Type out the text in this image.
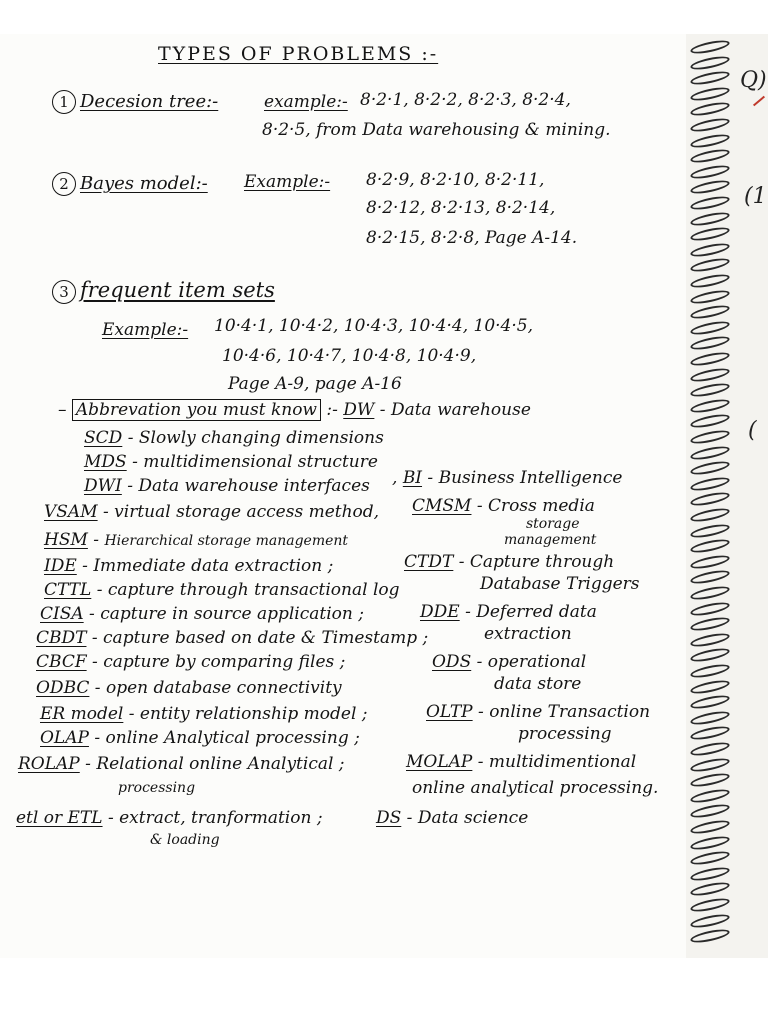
TYPES OF PROBLEMS :-
1 Decesion tree:-	example:- 8·2·1, 8·2·2, 8·2·3, 8·2·4,
8·2·5, from Data warehousing & mining.
2 Bayes model:- Example:- 8·2·9, 8·2·10, 8·2·11,
8·2·12, 8·2·13, 8·2·14,
8·2·15, 8·2·8, Page A-14.
3 frequent item sets
Example:- 10·4·1, 10·4·2, 10·4·3, 10·4·4, 10·4·5,
10·4·6, 10·4·7, 10·4·8, 10·4·9,
Page A-9, page A-16
– Abbrevation you must know :- DW - Data warehouse
SCD - Slowly changing dimensions
MDS - multidimensional structure
DWI - Data warehouse interfaces , BI - Business Intelligence
VSAM - virtual storage access method, CMSM - Cross media
storage
management
HSM - Hierarchical storage management
IDE - Immediate data extraction ;	CTDT - Capture through
Database Triggers
CTTL - capture through transactional log
CISA - capture in source application ;	DDE - Deferred data
extraction
CBDT - capture based on date & Timestamp ;
CBCF - capture by comparing files ;	ODS - operational
data store
ODBC - open database connectivity
ER model - entity relationship model ;	OLTP - online Transaction
processing
OLAP - online Analytical processing ;
ROLAP - Relational online Analytical ;	MOLAP - multidimentional
processing	online analytical processing.
etl or ETL - extract, tranformation ;	DS - Data science
& loading
Q)
(1
(
